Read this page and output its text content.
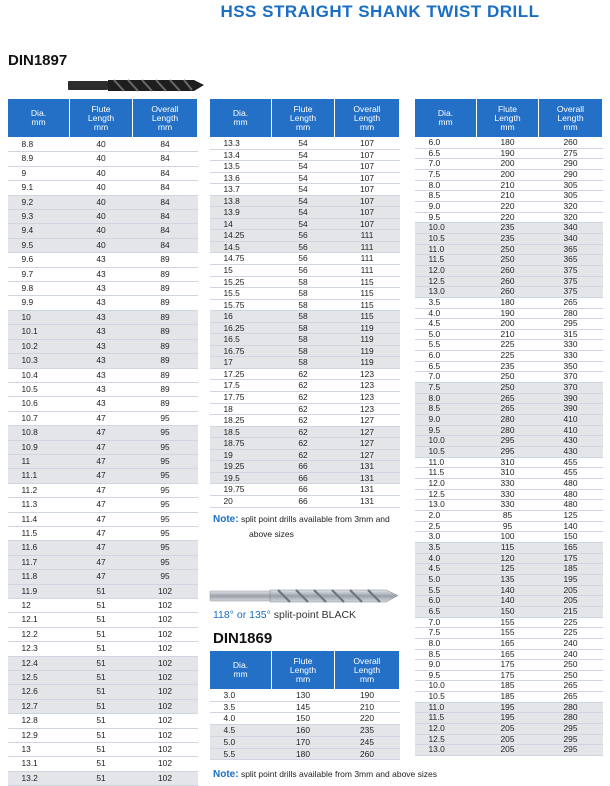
HSS STRAIGHT SHANK TWIST DRILL
DIN1897
Dia.
mm	Flute
Length
mm	Overall
Length
mm
8.8	40	84
8.9	40	84
9	40	84
9.1	40	84
9.2	40	84
9.3	40	84
9.4	40	84
9.5	40	84
9.6	43	89
9.7	43	89
9.8	43	89
9.9	43	89
10	43	89
10.1	43	89
10.2	43	89
10.3	43	89
10.4	43	89
10.5	43	89
10.6	43	89
10.7	47	95
10.8	47	95
10.9	47	95
11	47	95
11.1	47	95
11.2	47	95
11.3	47	95
11.4	47	95
11.5	47	95
11.6	47	95
11.7	47	95
11.8	47	95
11.9	51	102
12	51	102
12.1	51	102
12.2	51	102
12.3	51	102
12.4	51	102
12.5	51	102
12.6	51	102
12.7	51	102
12.8	51	102
12.9	51	102
13	51	102
13.1	51	102
13.2	51	102
Dia.
mm	Flute
Length
mm	Overall
Length
mm
13.3	54	107
13.4	54	107
13.5	54	107
13.6	54	107
13.7	54	107
13.8	54	107
13.9	54	107
14	54	107
14.25	56	111
14.5	56	111
14.75	56	111
15	56	111
15.25	58	115
15.5	58	115
15.75	58	115
16	58	115
16.25	58	119
16.5	58	119
16.75	58	119
17	58	119
17.25	62	123
17.5	62	123
17.75	62	123
18	62	123
18.25	62	127
18.5	62	127
18.75	62	127
19	62	127
19.25	66	131
19.5	66	131
19.75	66	131
20	66	131
Note: split point drills available from 3mm and
above sizes
118° or 135° split-point BLACK
DIN1869
Dia.
mm	Flute
Length
mm	Overall
Length
mm
3.0	130	190
3.5	145	210
4.0	150	220
4.5	160	235
5.0	170	245
5.5	180	260
Note: split point drills available from 3mm and above sizes
Dia.
mm	Flute
Length
mm	Overall
Length
mm
6.0	180	260
6.5	190	275
7.0	200	290
7.5	200	290
8.0	210	305
8.5	210	305
9.0	220	320
9.5	220	320
10.0	235	340
10.5	235	340
11.0	250	365
11.5	250	365
12.0	260	375
12.5	260	375
13.0	260	375
3.5	180	265
4.0	190	280
4.5	200	295
5.0	210	315
5.5	225	330
6.0	225	330
6.5	235	350
7.0	250	370
7.5	250	370
8.0	265	390
8.5	265	390
9.0	280	410
9.5	280	410
10.0	295	430
10.5	295	430
11.0	310	455
11.5	310	455
12.0	330	480
12.5	330	480
13.0	330	480
2.0	85	125
2.5	95	140
3.0	100	150
3.5	115	165
4.0	120	175
4.5	125	185
5.0	135	195
5.5	140	205
6.0	140	205
6.5	150	215
7.0	155	225
7.5	155	225
8.0	165	240
8.5	165	240
9.0	175	250
9.5	175	250
10.0	185	265
10.5	185	265
11.0	195	280
11.5	195	280
12.0	205	295
12.5	205	295
13.0	205	295
